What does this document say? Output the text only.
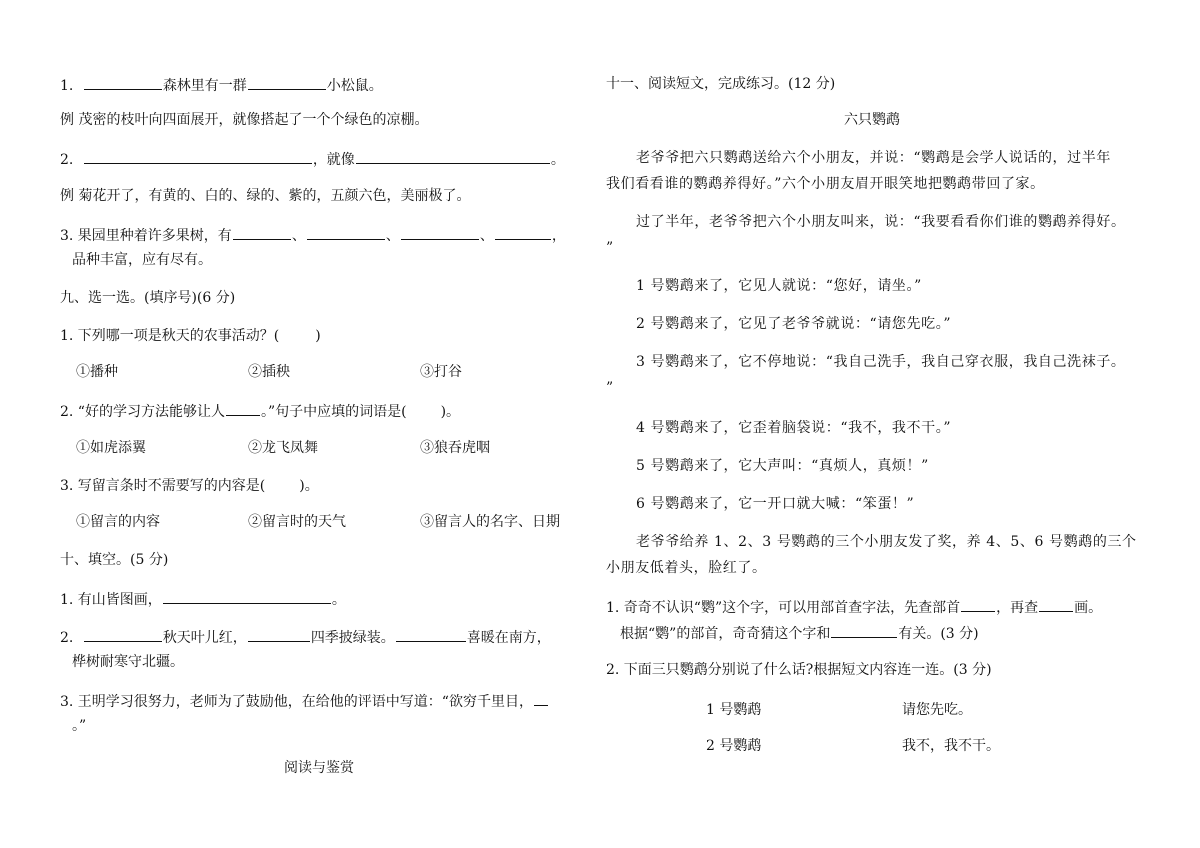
1.	森林里有一群	小松鼠。
例 茂密的枝叶向四面展开，就像搭起了一个个绿色的凉棚。
2.	，就像	。
例 菊花开了，有黄的、白的、绿的、紫的，五颜六色，美丽极了。
3. 果园里种着许多果树，有	、	、	、	，
品种丰富，应有尽有。
九、选一选。(填序号)(6 分)
1. 下列哪一项是秋天的农事活动？(	)
①播种	②插秧	③打谷
2. “好的学习方法能够让人	。”句子中应填的词语是( )。
①如虎添翼	②龙飞凤舞	③狼吞虎咽
3. 写留言条时不需要写的内容是( )。
①留言的内容	②留言时的天气	③留言人的名字、日期
十、填空。(5 分)
1. 有山皆图画，	。
2.	秋天叶儿红，	四季披绿装。	喜暖在南方，
桦树耐寒守北疆。
3. 王明学习很努力，老师为了鼓励他，在给他的评语中写道：“欲穷千里目，
。”
阅读与鉴赏
十一、阅读短文，完成练习。(12 分)
六只鹦鹉
老爷爷把六只鹦鹉送给六个小朋友，并说：“鹦鹉是会学人说话的，过半年
我们看看谁的鹦鹉养得好。”六个小朋友眉开眼笑地把鹦鹉带回了家。
过了半年，老爷爷把六个小朋友叫来，说：“我要看看你们谁的鹦鹉养得好。
”
1 号鹦鹉来了，它见人就说：“您好，请坐。”
2 号鹦鹉来了，它见了老爷爷就说：“请您先吃。”
3 号鹦鹉来了，它不停地说：“我自己洗手，我自己穿衣服，我自己洗袜子。
”
4 号鹦鹉来了，它歪着脑袋说：“我不，我不干。”
5 号鹦鹉来了，它大声叫：“真烦人，真烦！”
6 号鹦鹉来了，它一开口就大喊：“笨蛋！”
老爷爷给养 1、2、3 号鹦鹉的三个小朋友发了奖，养 4、5、6 号鹦鹉的三个
小朋友低着头，脸红了。
1. 奇奇不认识“鹦”这个字，可以用部首查字法，先查部首	，再查	画。
根据“鹦”的部首，奇奇猜这个字和	有关。(3 分)
2. 下面三只鹦鹉分别说了什么话?根据短文内容连一连。(3 分)
1 号鹦鹉	请您先吃。
2 号鹦鹉	我不，我不干。
